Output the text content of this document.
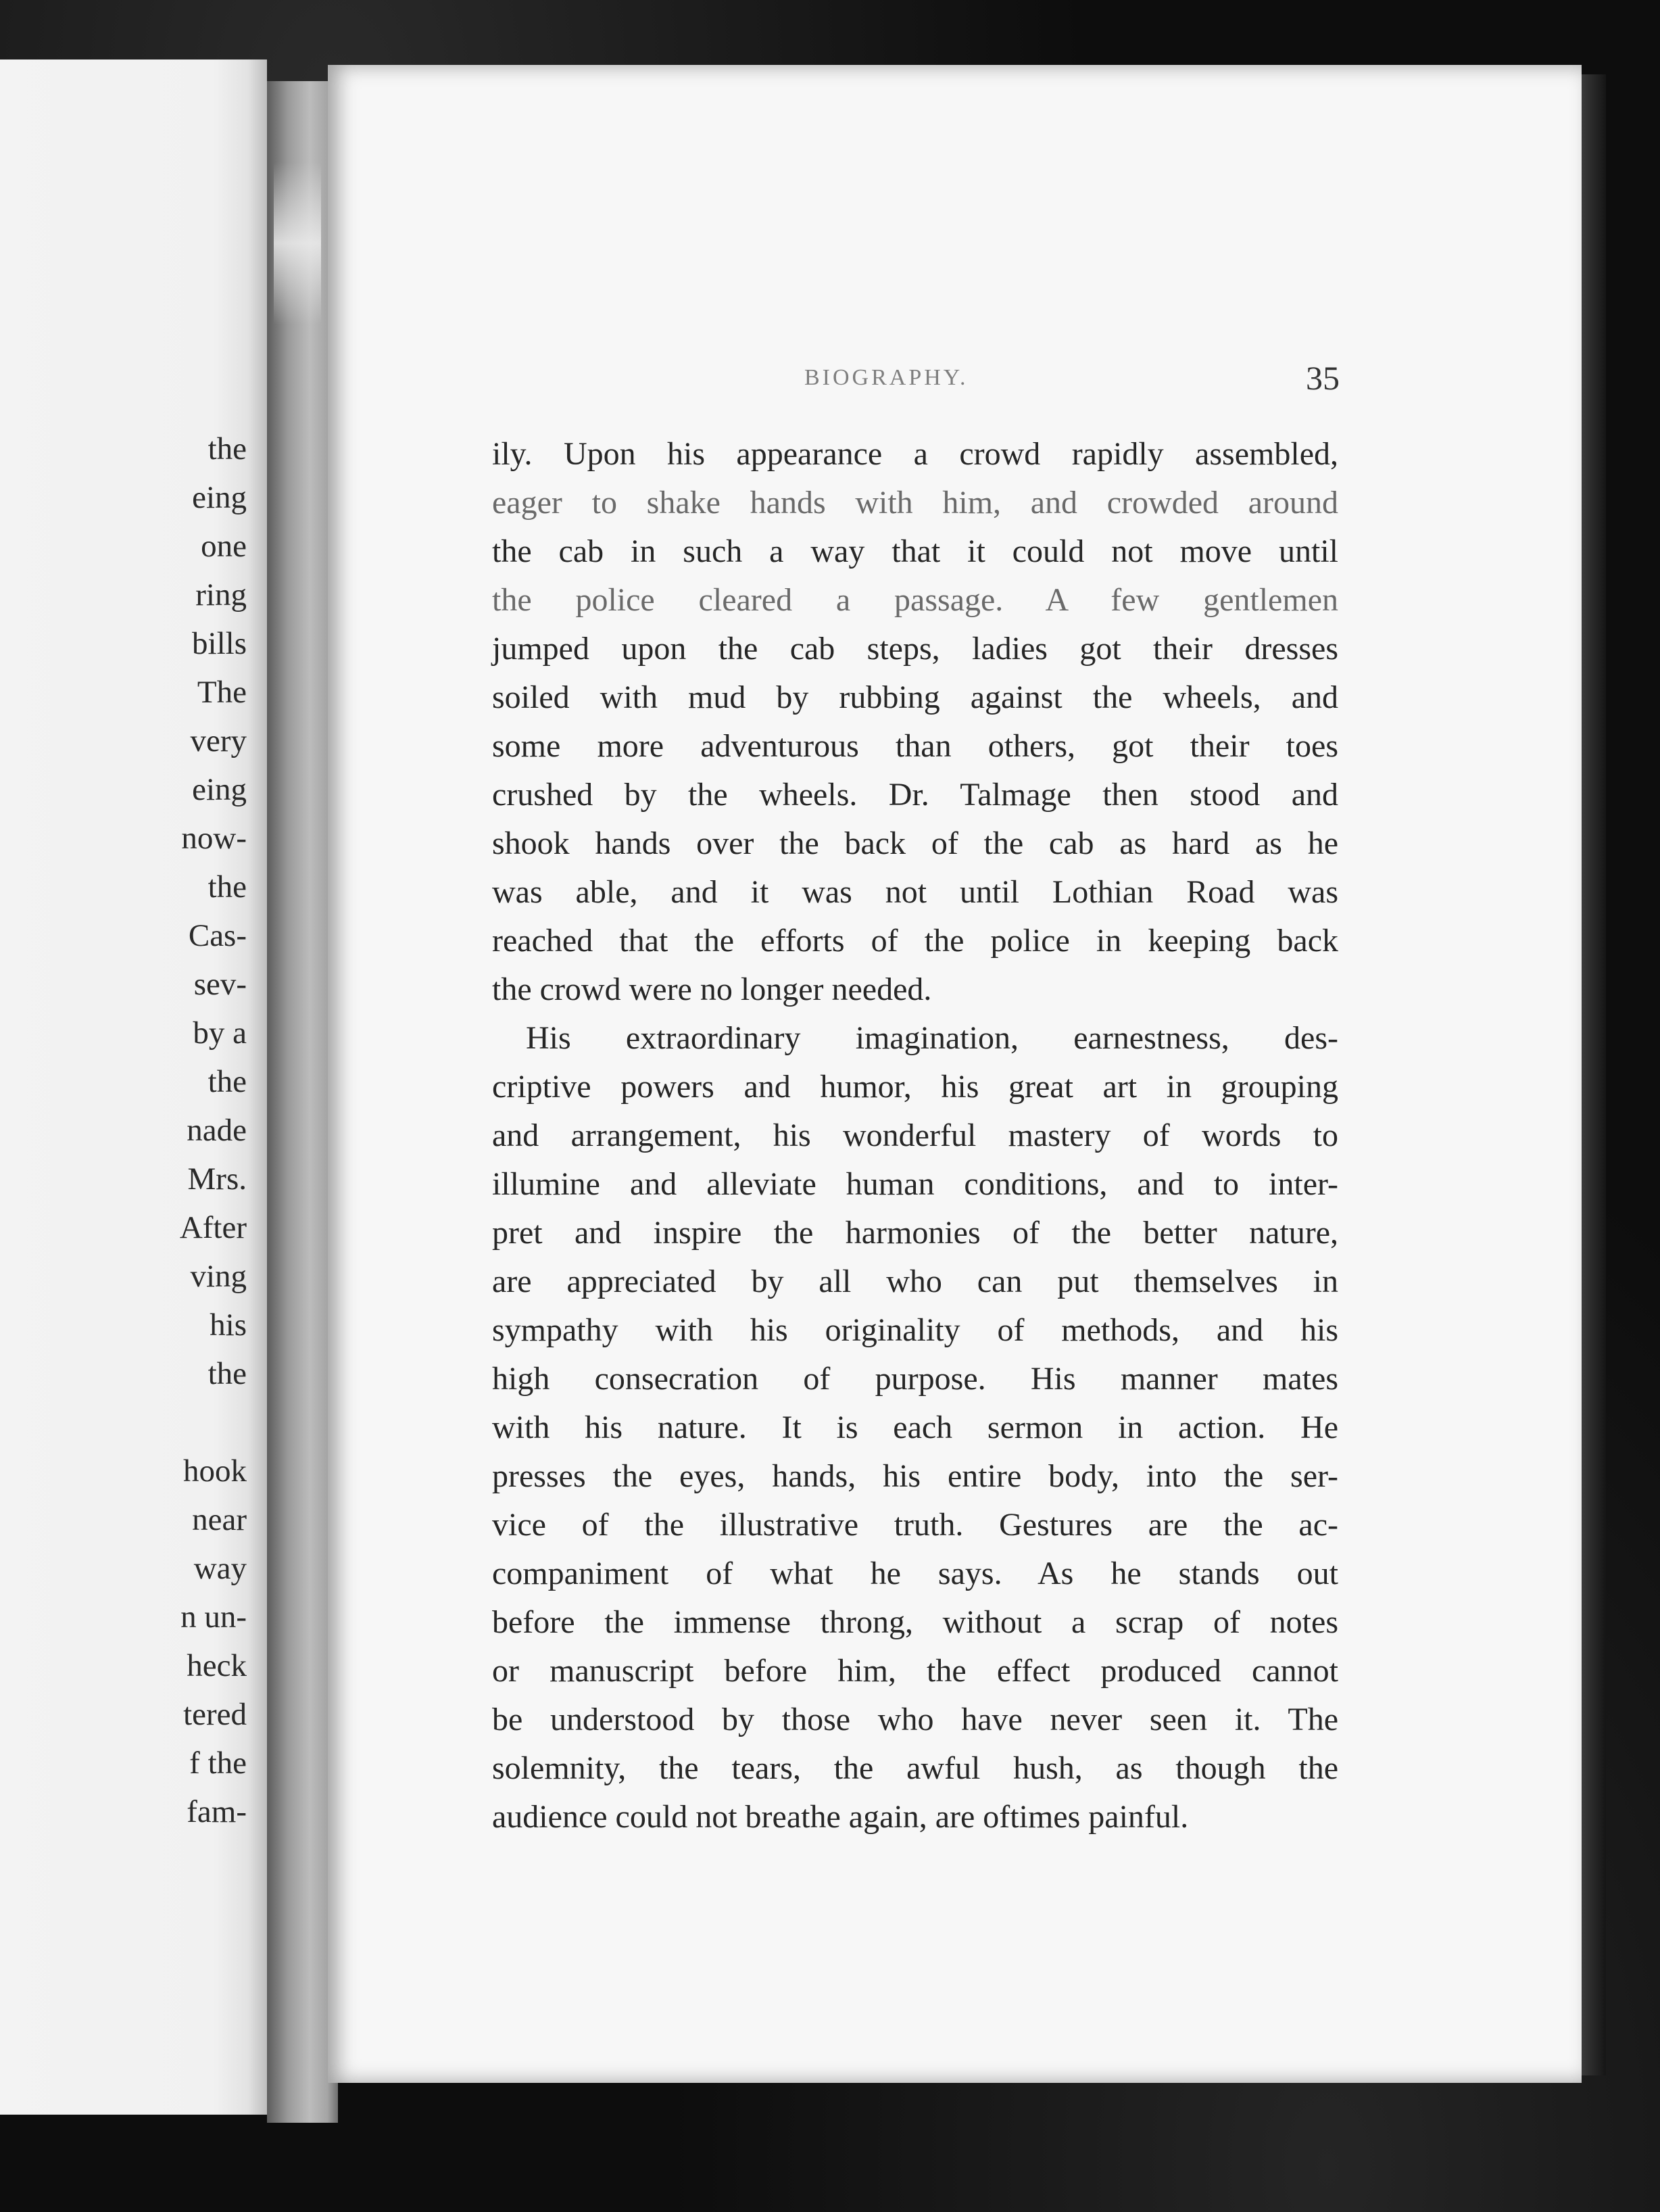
the
eing
one
ring
bills
The
very
eing
now-
the
Cas-
sev-
by a
the
nade
Mrs.
After
ving
his
the

hook
near
way
n un-
heck
tered
f the
fam-
BIOGRAPHY.	35
ily. Upon his appearance a crowd rapidly assembled,
eager to shake hands with him, and crowded around
the cab in such a way that it could not move until
the police cleared a passage. A few gentlemen
jumped upon the cab steps, ladies got their dresses
soiled with mud by rubbing against the wheels, and
some more adventurous than others, got their toes
crushed by the wheels. Dr. Talmage then stood and
shook hands over the back of the cab as hard as he
was able, and it was not until Lothian Road was
reached that the efforts of the police in keeping back
the crowd were no longer needed.
His extraordinary imagination, earnestness, des-
criptive powers and humor, his great art in grouping
and arrangement, his wonderful mastery of words to
illumine and alleviate human conditions, and to inter-
pret and inspire the harmonies of the better nature,
are appreciated by all who can put themselves in
sympathy with his originality of methods, and his
high consecration of purpose. His manner mates
with his nature. It is each sermon in action. He
presses the eyes, hands, his entire body, into the ser-
vice of the illustrative truth. Gestures are the ac-
companiment of what he says. As he stands out
before the immense throng, without a scrap of notes
or manuscript before him, the effect produced cannot
be understood by those who have never seen it. The
solemnity, the tears, the awful hush, as though the
audience could not breathe again, are oftimes painful.
